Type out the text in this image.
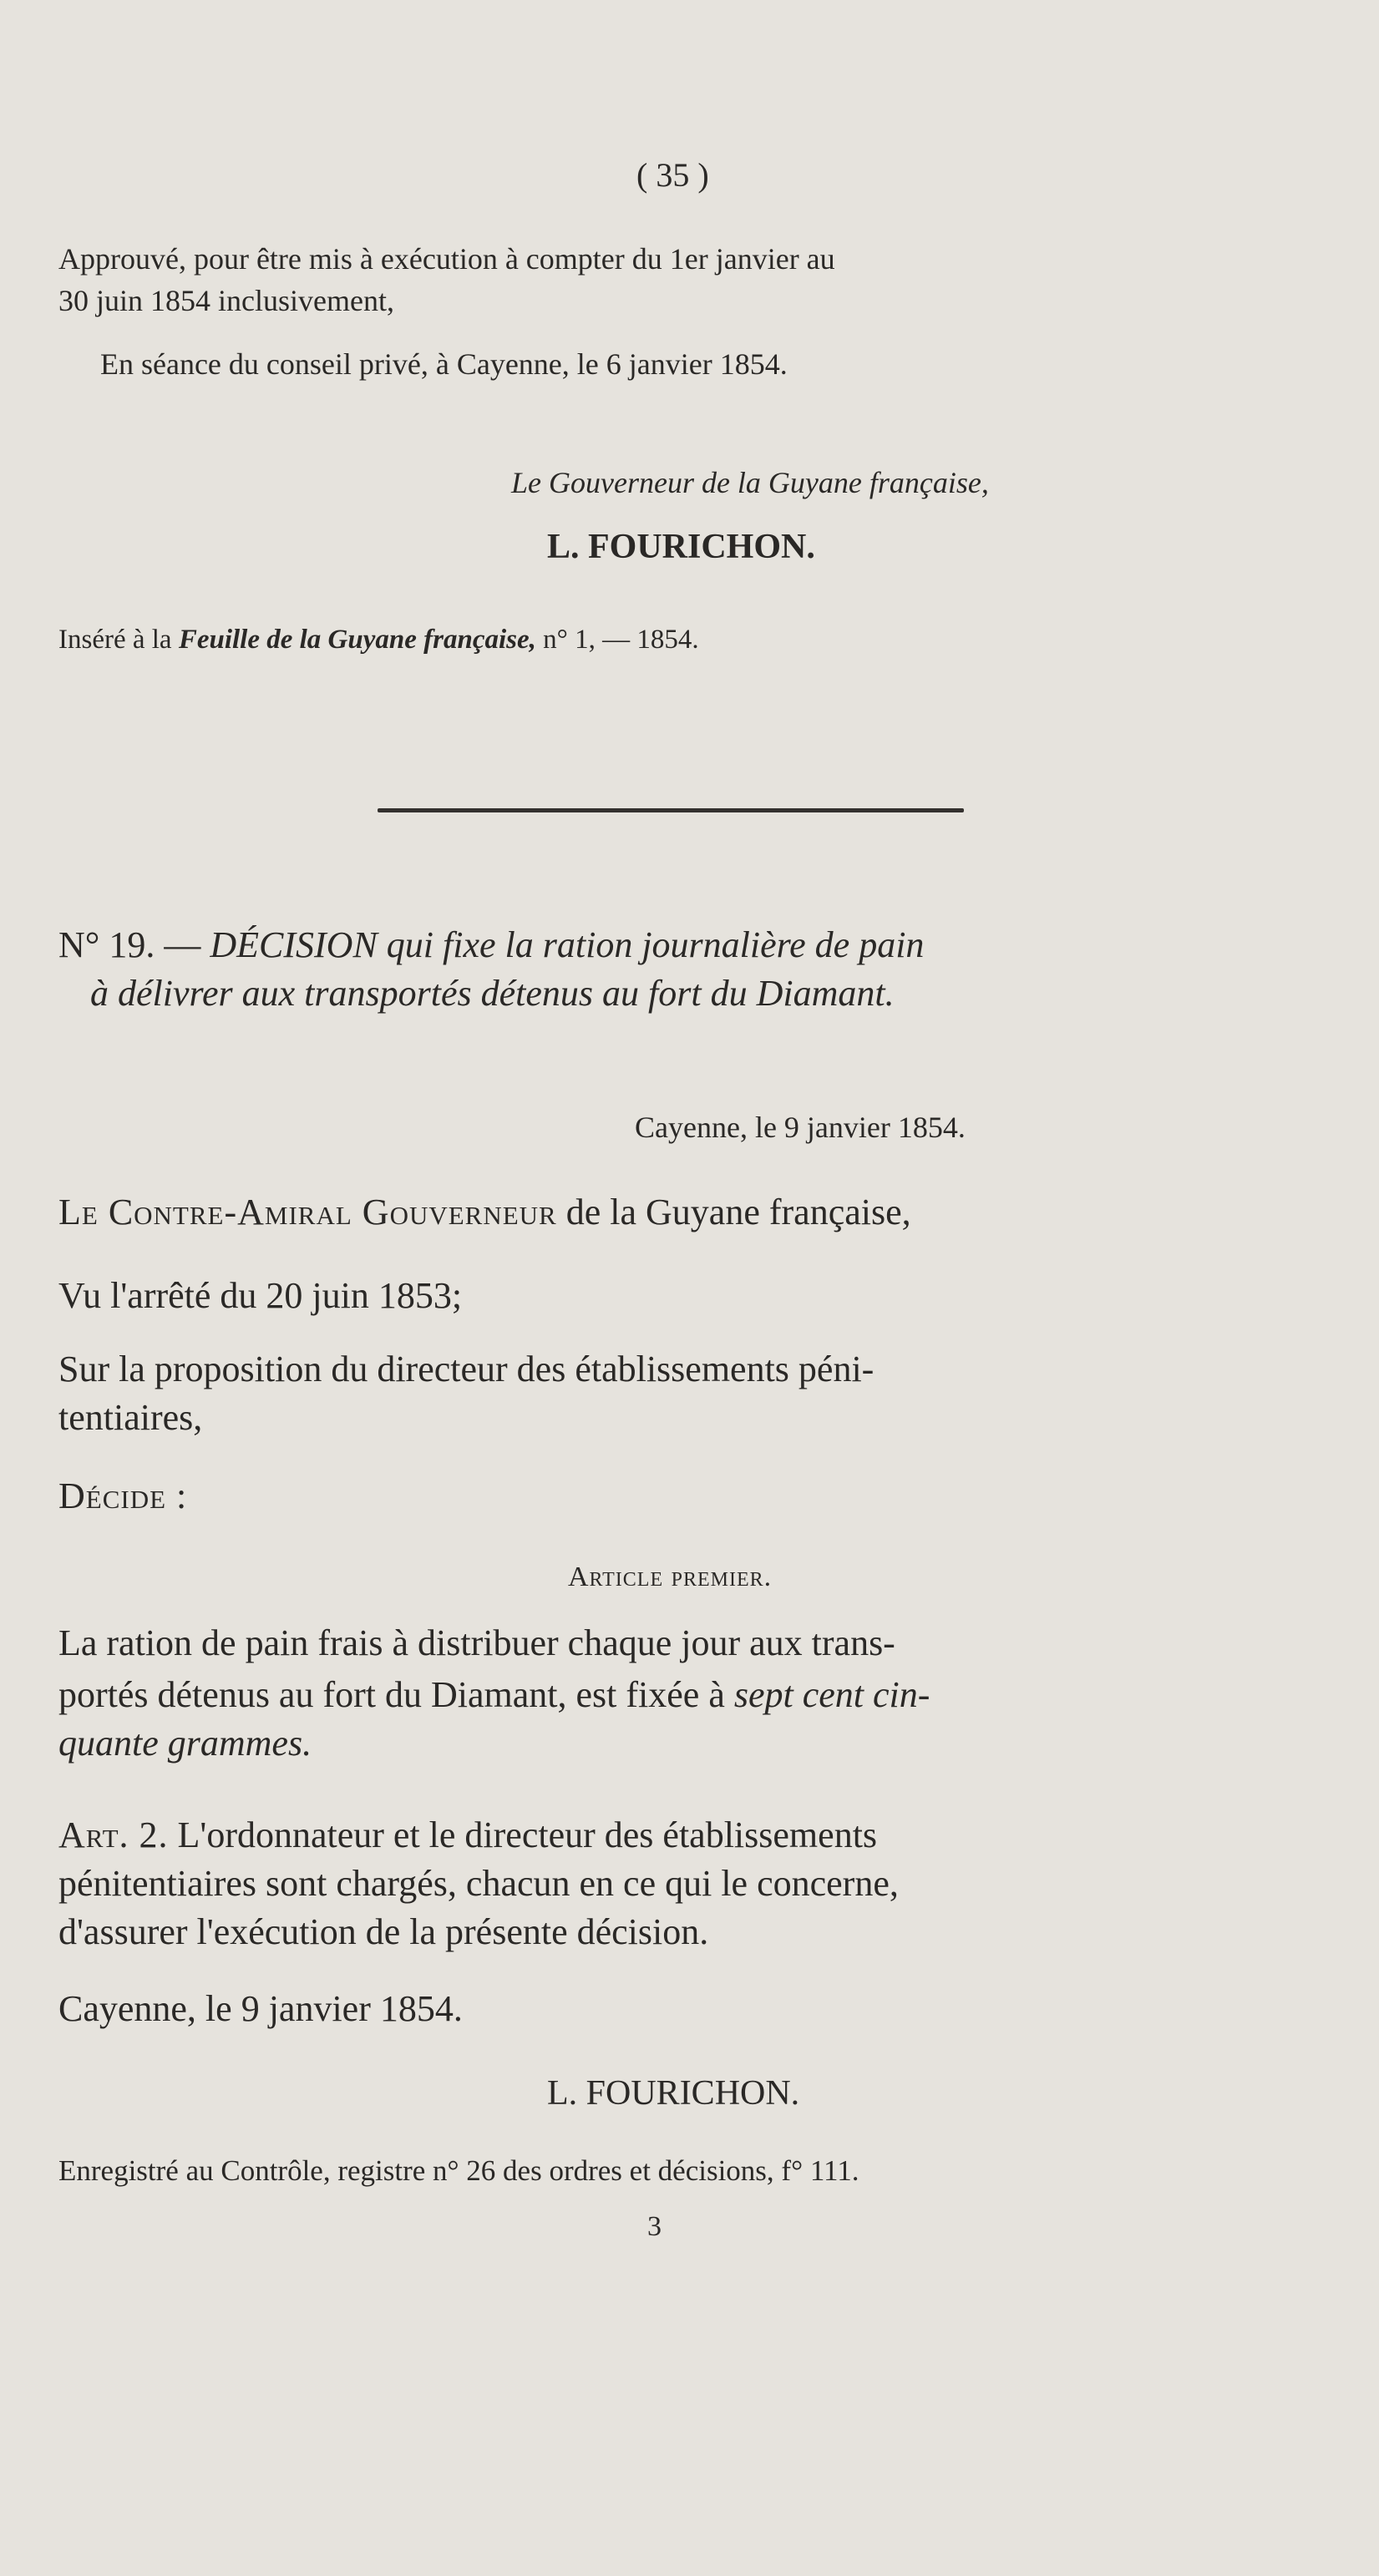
( 35 )
Approuvé, pour être mis à exécution à compter du 1er janvier au
30 juin 1854 inclusivement,
En séance du conseil privé, à Cayenne, le 6 janvier 1854.
Le Gouverneur de la Guyane française,
L. FOURICHON.
Inséré à la Feuille de la Guyane française, n° 1, — 1854.
N° 19. — DÉCISION qui fixe la ration journalière de pain
à délivrer aux transportés détenus au fort du Diamant.
Cayenne, le 9 janvier 1854.
Le Contre-Amiral Gouverneur de la Guyane française,
Vu l'arrêté du 20 juin 1853;
Sur la proposition du directeur des établissements péni-
tentiaires,
Décide :
Article premier.
La ration de pain frais à distribuer chaque jour aux trans-
portés détenus au fort du Diamant, est fixée à sept cent cin-
quante grammes.
Art. 2. L'ordonnateur et le directeur des établissements
pénitentiaires sont chargés, chacun en ce qui le concerne,
d'assurer l'exécution de la présente décision.
Cayenne, le 9 janvier 1854.
L. FOURICHON.
Enregistré au Contrôle, registre n° 26 des ordres et décisions, f° 111.
3
